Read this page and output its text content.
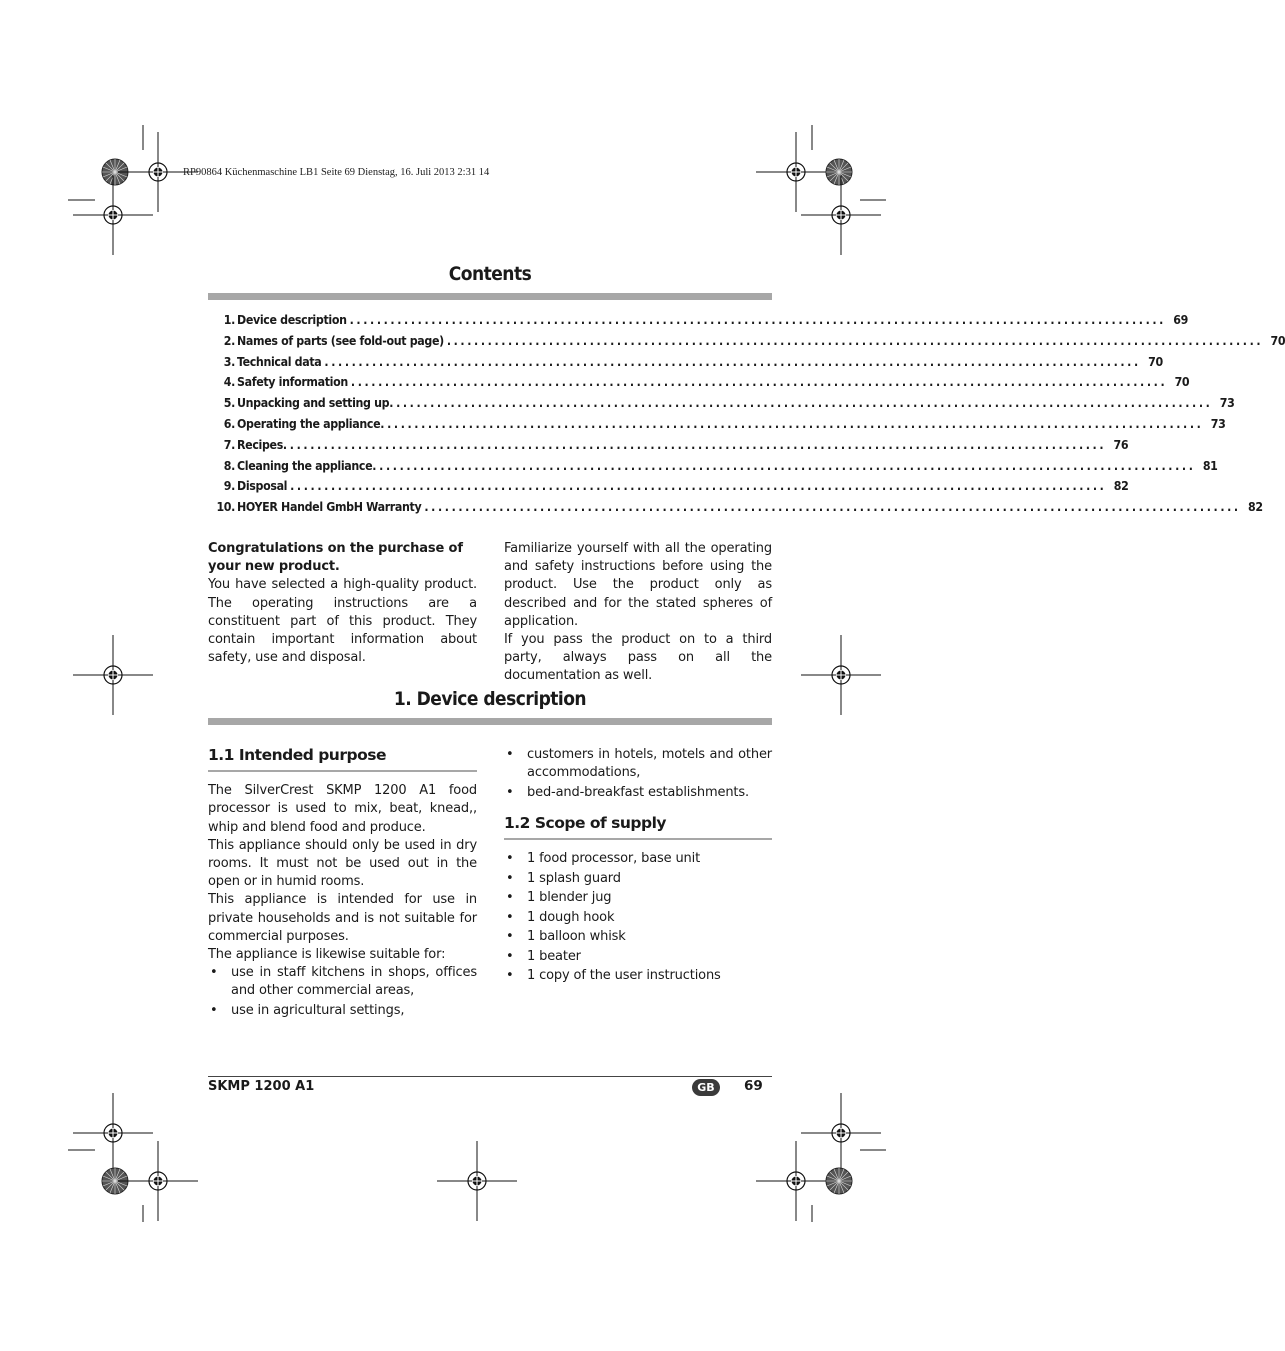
RP90864 Küchenmaschine LB1 Seite 69 Dienstag, 16. Juli 2013 2:31 14
Contents
1. Device description ........................................................................................................................ 69
2. Names of parts (see fold-out page) ........................................................................................................................ 70
3. Technical data ........................................................................................................................ 70
4. Safety information ........................................................................................................................ 70
5. Unpacking and setting up. ........................................................................................................................ 73
6. Operating the appliance. ........................................................................................................................ 73
7. Recipes. ........................................................................................................................ 76
8. Cleaning the appliance. ........................................................................................................................ 81
9. Disposal ........................................................................................................................ 82
10. HOYER Handel GmbH Warranty ........................................................................................................................ 82

Congratulations on the purchase of your new product.

You have selected a high-quality product. The operating instructions are a constituent part of this product. They contain important information about safety, use and disposal.

Familiarize yourself with all the operating and safety instructions before using the product. Use the product only as described and for the stated spheres of application.

If you pass the product on to a third party, always pass on all the documentation as well.

1. Device description
1.1 Intended purpose

The SilverCrest SKMP 1200 A1 food processor is used to mix, beat, knead,, whip and blend food and produce.

This appliance should only be used in dry rooms. It must not be used out in the open or in humid rooms.

This appliance is intended for use in private households and is not suitable for commercial purposes.

The appliance is likewise suitable for:

• use in staff kitchens in shops, offices and other commercial areas,
• use in agricultural settings,
• customers in hotels, motels and other accommodations,
• bed-and-breakfast establishments.
1.2 Scope of supply
• 1 food processor, base unit
• 1 splash guard
• 1 blender jug
• 1 dough hook
• 1 balloon whisk
• 1 beater
• 1 copy of the user instructions
SKMP 1200 A1	GB	69
